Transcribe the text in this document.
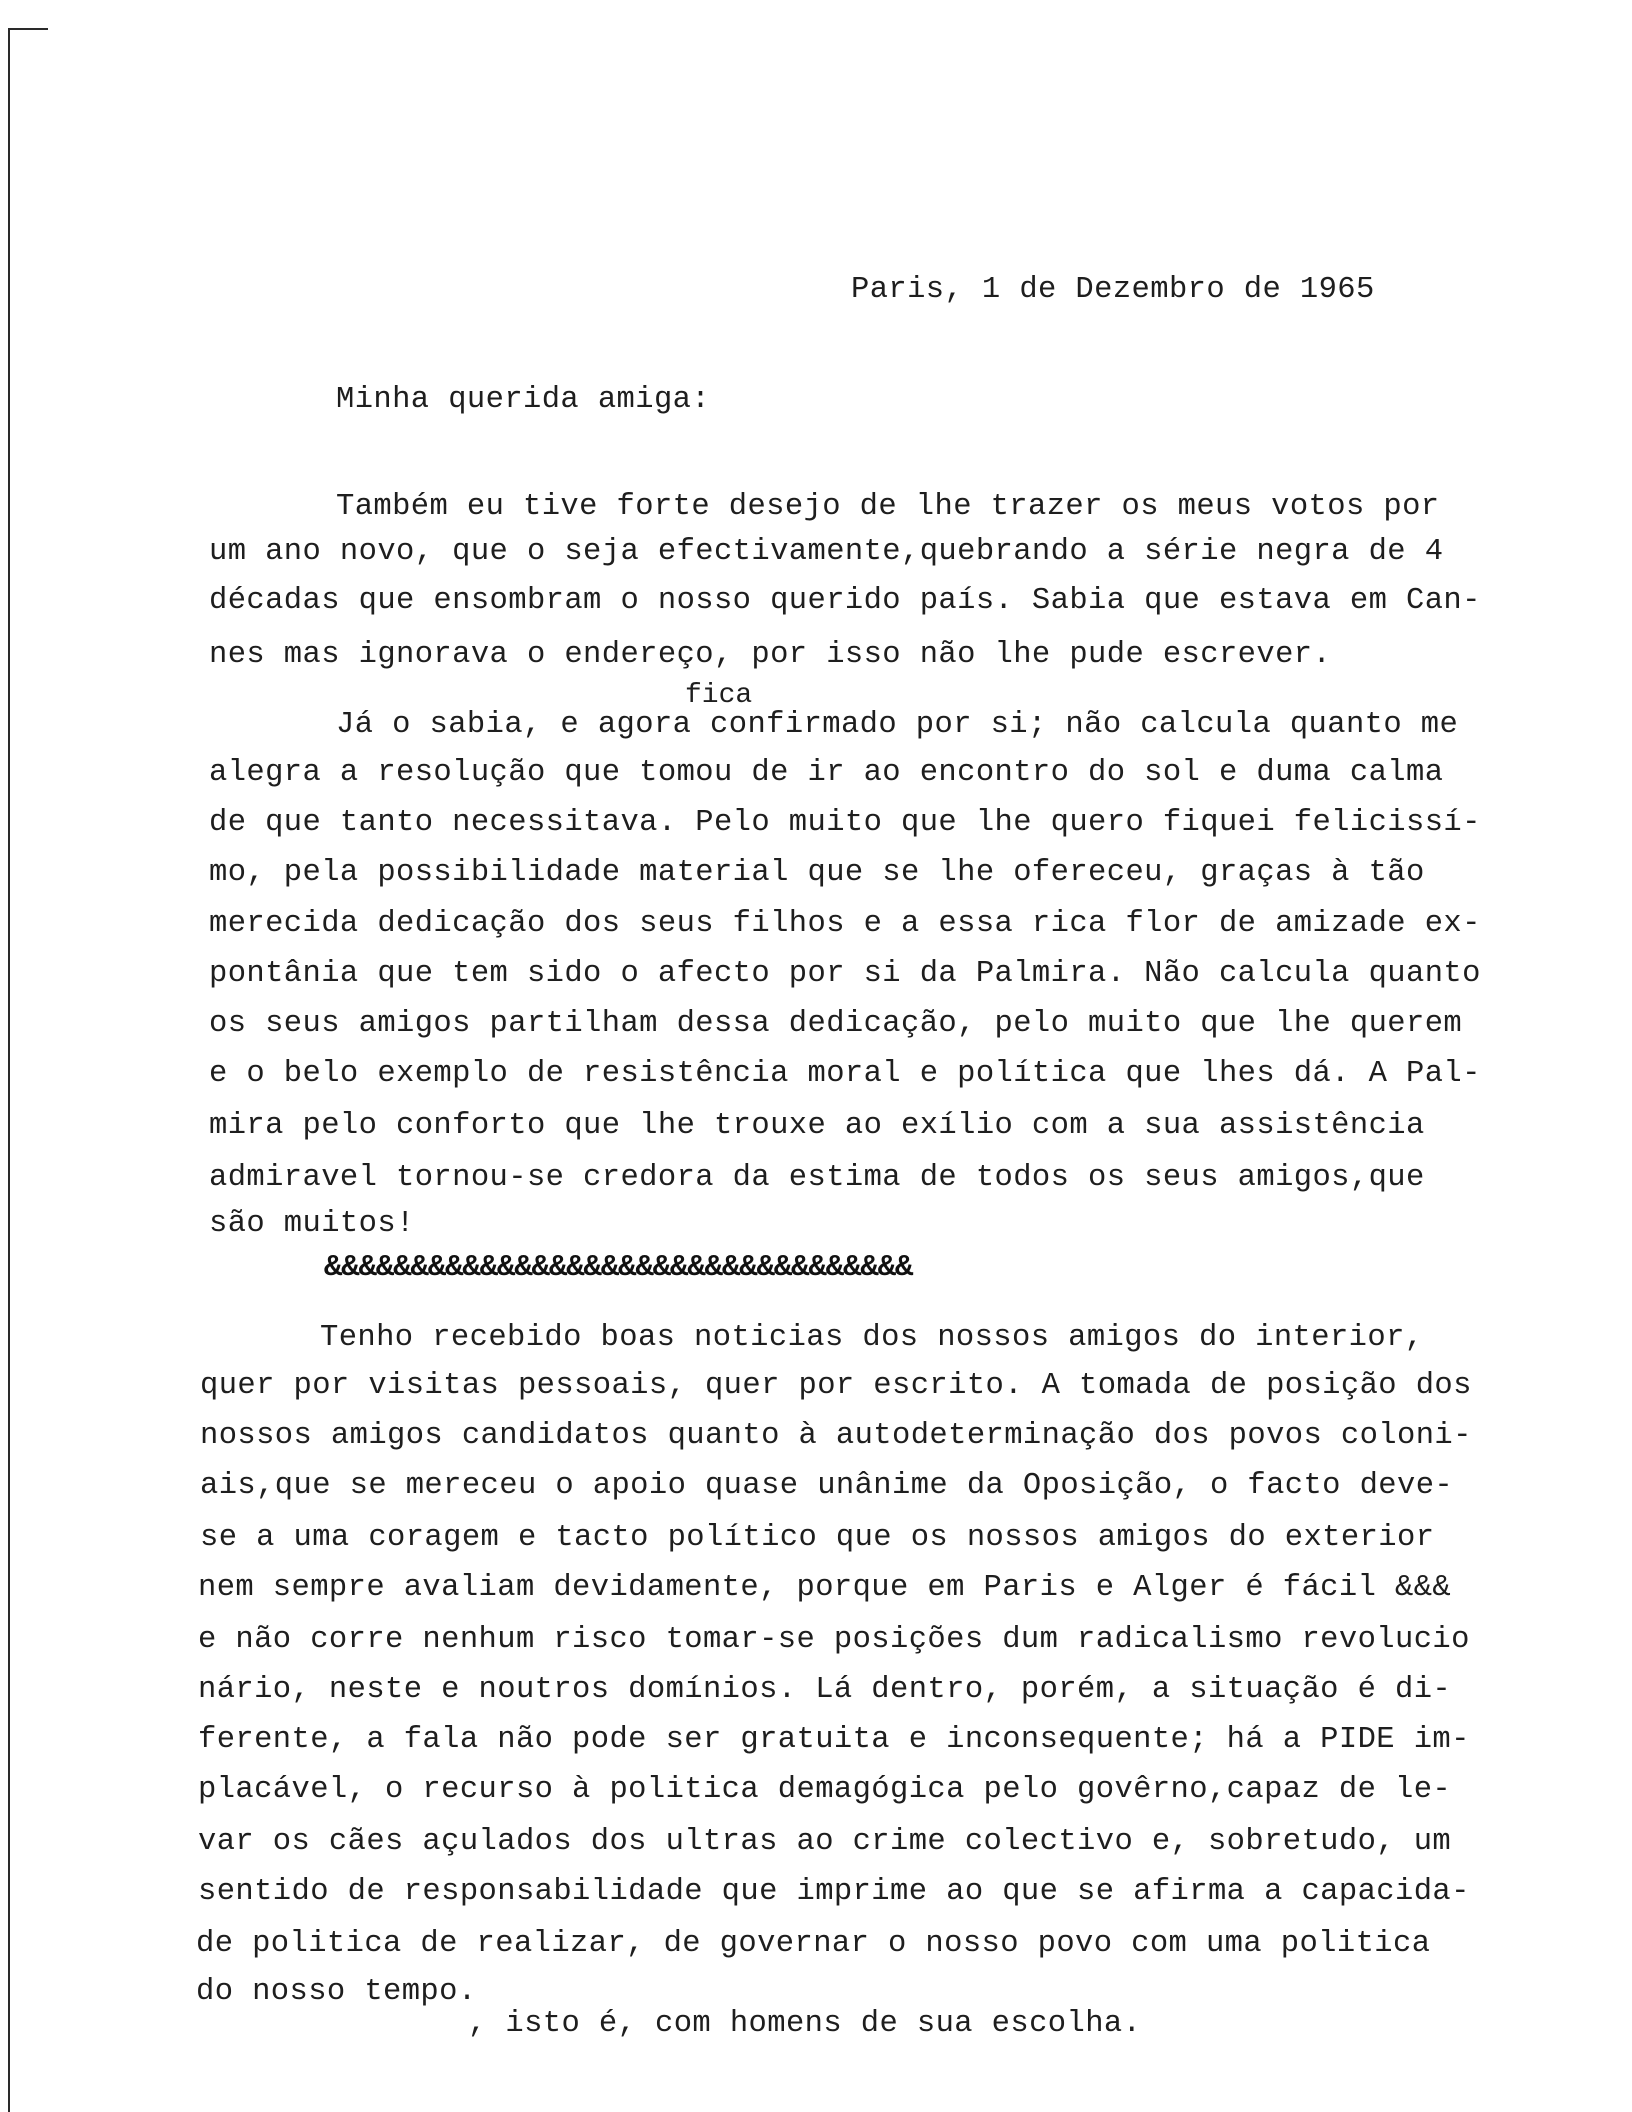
Paris, 1 de Dezembro de 1965
Minha querida amiga:
Também eu tive forte desejo de lhe trazer os meus votos por
um ano novo, que o seja efectivamente,quebrando a série negra de 4
décadas que ensombram o nosso querido país. Sabia que estava em Can-
nes mas ignorava o endereço, por isso não lhe pude escrever.
fica
Já o sabia, e agora confirmado por si; não calcula quanto me
alegra a resolução que tomou de ir ao encontro do sol e duma calma
de que tanto necessitava. Pelo muito que lhe quero fiquei felicissí-
mo, pela possibilidade material que se lhe ofereceu, graças à tão
merecida dedicação dos seus filhos e a essa rica flor de amizade ex-
pontânia que tem sido o afecto por si da Palmira. Não calcula quanto
os seus amigos partilham dessa dedicação, pelo muito que lhe querem
e o belo exemplo de resistência moral e política que lhes dá. A Pal-
mira pelo conforto que lhe trouxe ao exílio com a sua assistência
admiravel tornou-se credora da estima de todos os seus amigos,que
são muitos!
&&&&&&&&&&&&&&&&&&&&&&&&&&&&&&&&&&
Tenho recebido boas noticias dos nossos amigos do interior,
quer por visitas pessoais, quer por escrito. A tomada de posição dos
nossos amigos candidatos quanto à autodeterminação dos povos coloni-
ais,que se mereceu o apoio quase unânime da Oposição, o facto deve-
se a uma coragem e tacto político que os nossos amigos do exterior
nem sempre avaliam devidamente, porque em Paris e Alger é fácil &&&
e não corre nenhum risco tomar-se posições dum radicalismo revolucio
nário, neste e noutros domínios. Lá dentro, porém, a situação é di-
ferente, a fala não pode ser gratuita e inconsequente; há a PIDE im-
placável, o recurso à politica demagógica pelo govêrno,capaz de le-
var os cães açulados dos ultras ao crime colectivo e, sobretudo, um
sentido de responsabilidade que imprime ao que se afirma a capacida-
de politica de realizar, de governar o nosso povo com uma politica
do nosso tempo.
, isto é, com homens de sua escolha.
